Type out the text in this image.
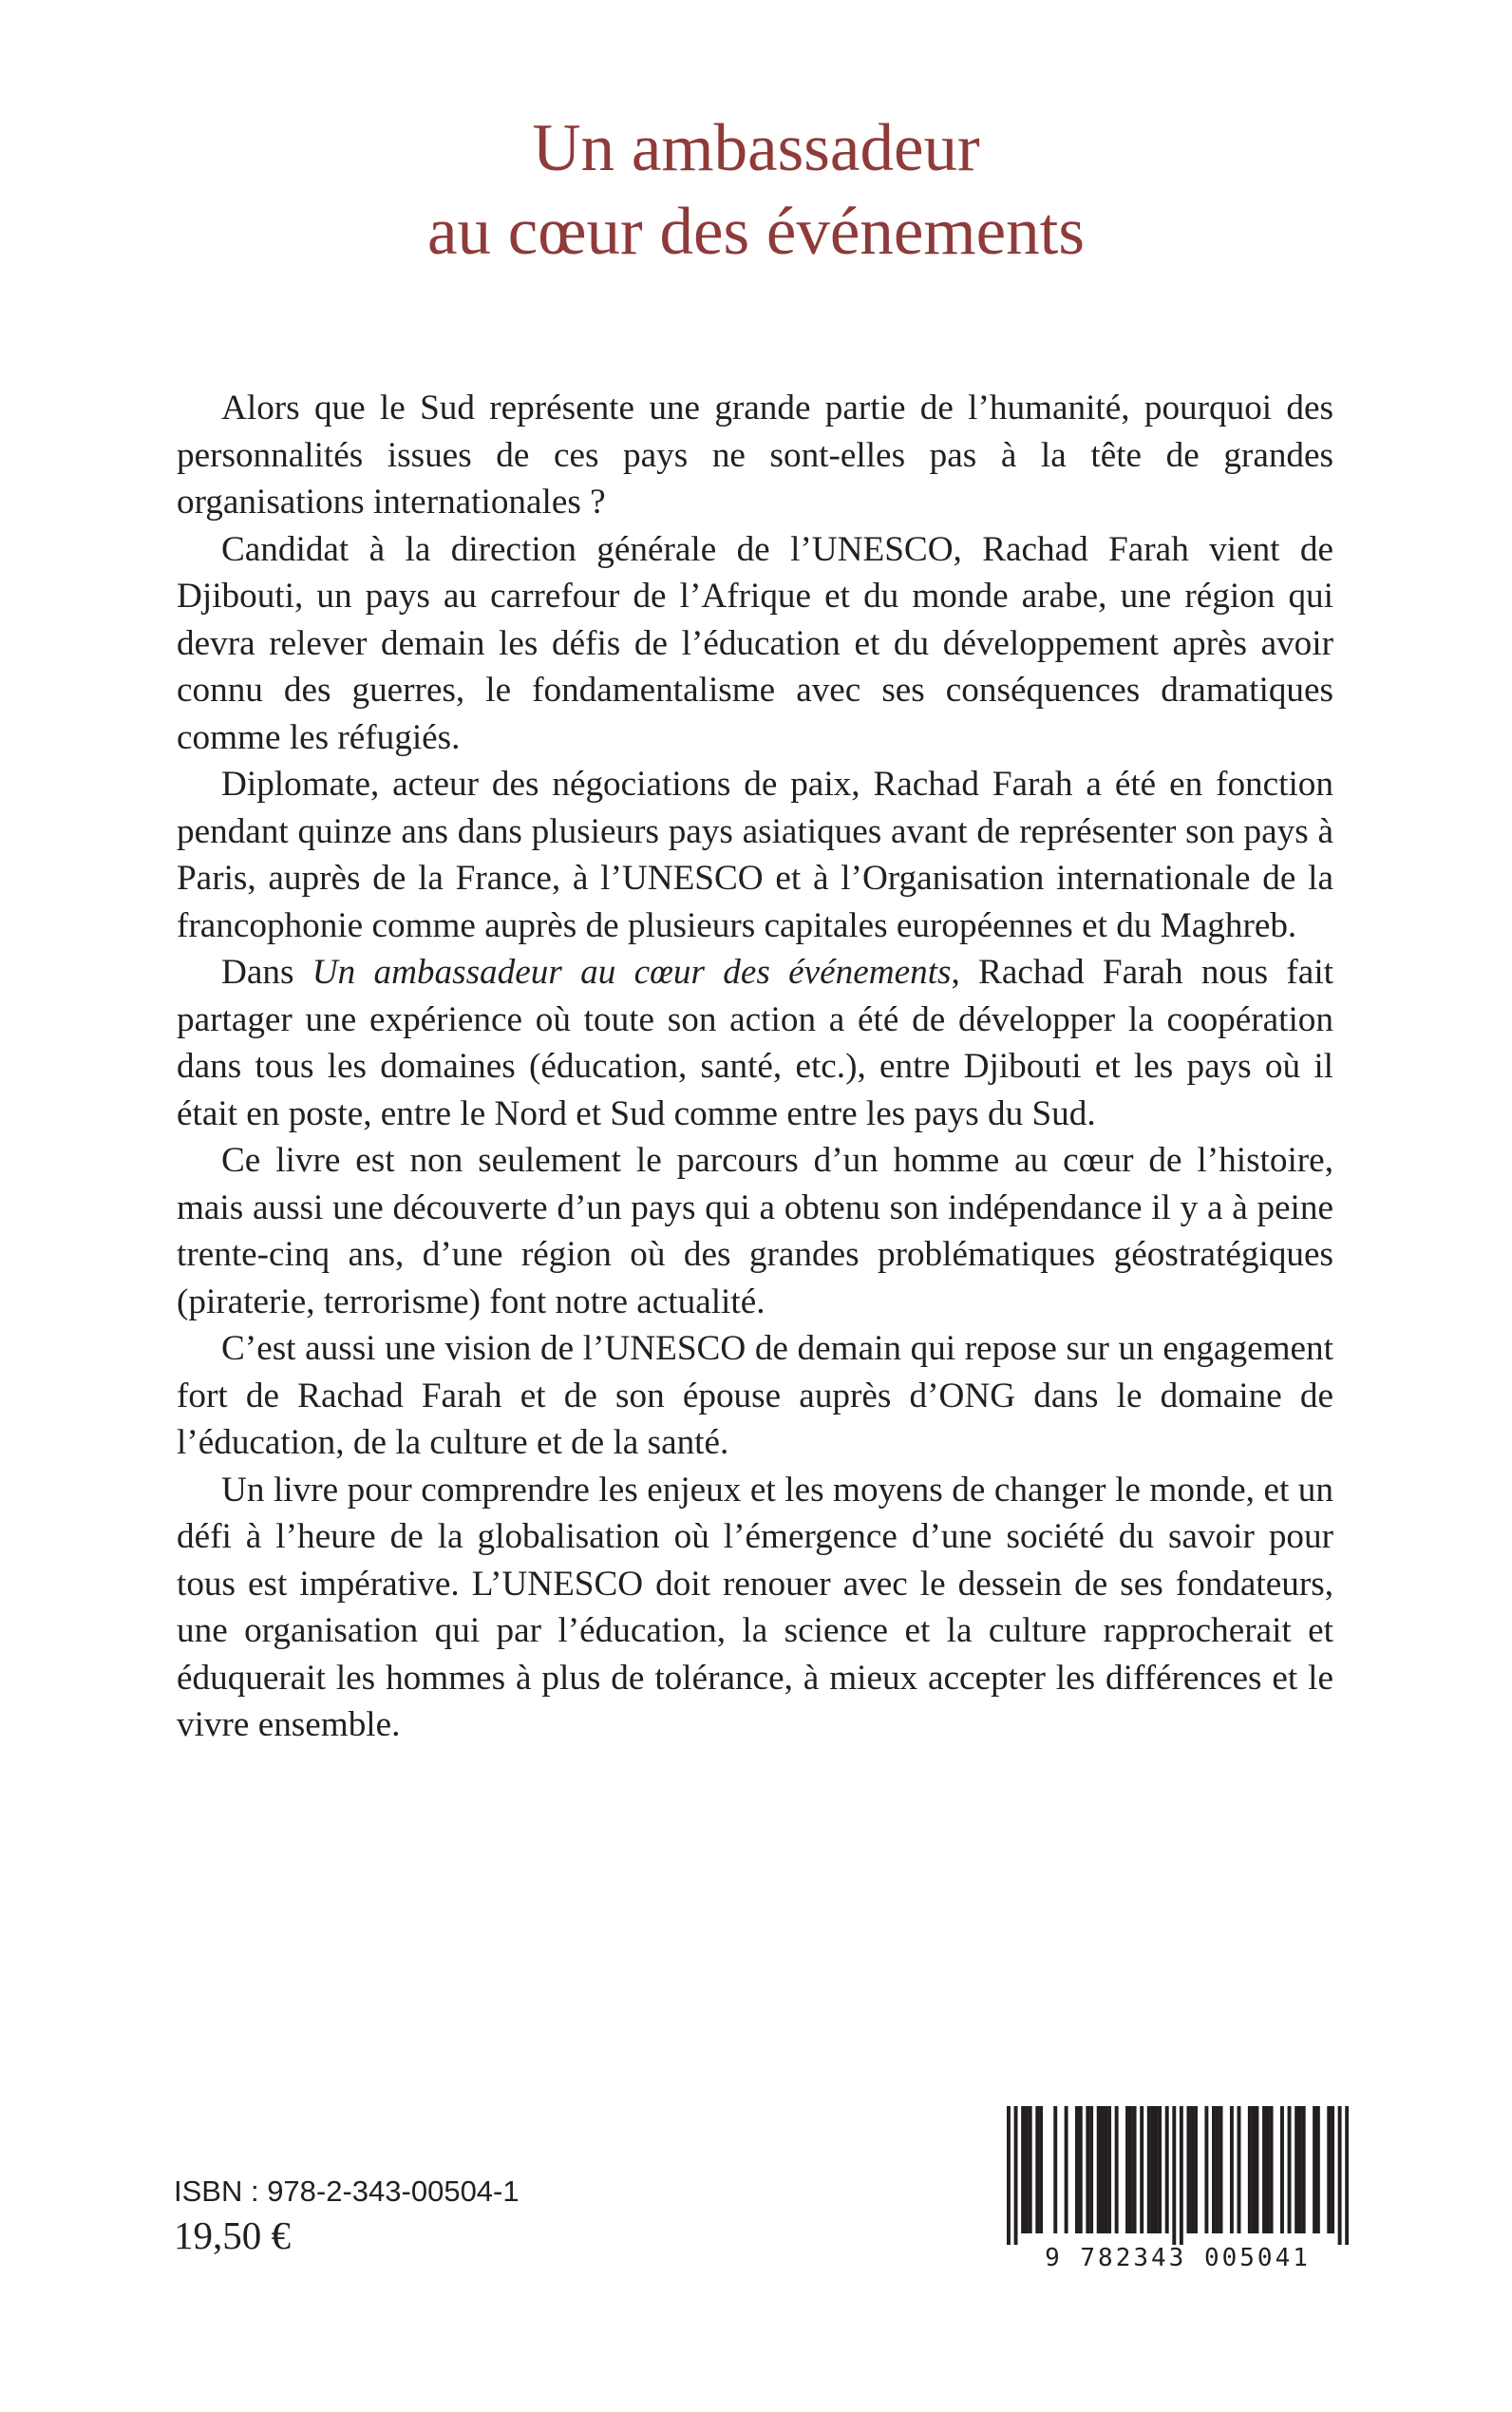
Un ambassadeur
au cœur des événements

Alors que le Sud représente une grande partie de l’humanité, pourquoi des personnalités issues de ces pays ne sont-elles pas à la tête de grandes organisations internationales ?

Candidat à la direction générale de l’UNESCO, Rachad Farah vient de Djibouti, un pays au carrefour de l’Afrique et du monde arabe, une région qui devra relever demain les défis de l’éducation et du développement après avoir connu des guerres, le fondamentalisme avec ses conséquences dramatiques comme les réfugiés.

Diplomate, acteur des négociations de paix, Rachad Farah a été en fonction pendant quinze ans dans plusieurs pays asiatiques avant de représenter son pays à Paris, auprès de la France, à l’UNESCO et à l’Organisation internationale de la francophonie comme auprès de plusieurs capitales européennes et du Maghreb.

Dans Un ambassadeur au cœur des événements, Rachad Farah nous fait partager une expérience où toute son action a été de développer la coopération dans tous les domaines (éducation, santé, etc.), entre Djibouti et les pays où il était en poste, entre le Nord et Sud comme entre les pays du Sud.

Ce livre est non seulement le parcours d’un homme au cœur de l’histoire, mais aussi une découverte d’un pays qui a obtenu son indépendance il y a à peine trente-cinq ans, d’une région où des grandes problématiques géostratégiques (piraterie, terrorisme) font notre actualité.

C’est aussi une vision de l’UNESCO de demain qui repose sur un engagement fort de Rachad Farah et de son épouse auprès d’ONG dans le domaine de l’éducation, de la culture et de la santé.

Un livre pour comprendre les enjeux et les moyens de changer le monde, et un défi à l’heure de la globalisation où l’émergence d’une société du savoir pour tous est impérative. L’UNESCO doit renouer avec le dessein de ses fondateurs, une organisation qui par l’éducation, la science et la culture rapprocherait et éduquerait les hommes à plus de tolérance, à mieux accepter les différences et le vivre ensemble.

ISBN : 978-2-343-00504-1
19,50 €
9 782343 005041
